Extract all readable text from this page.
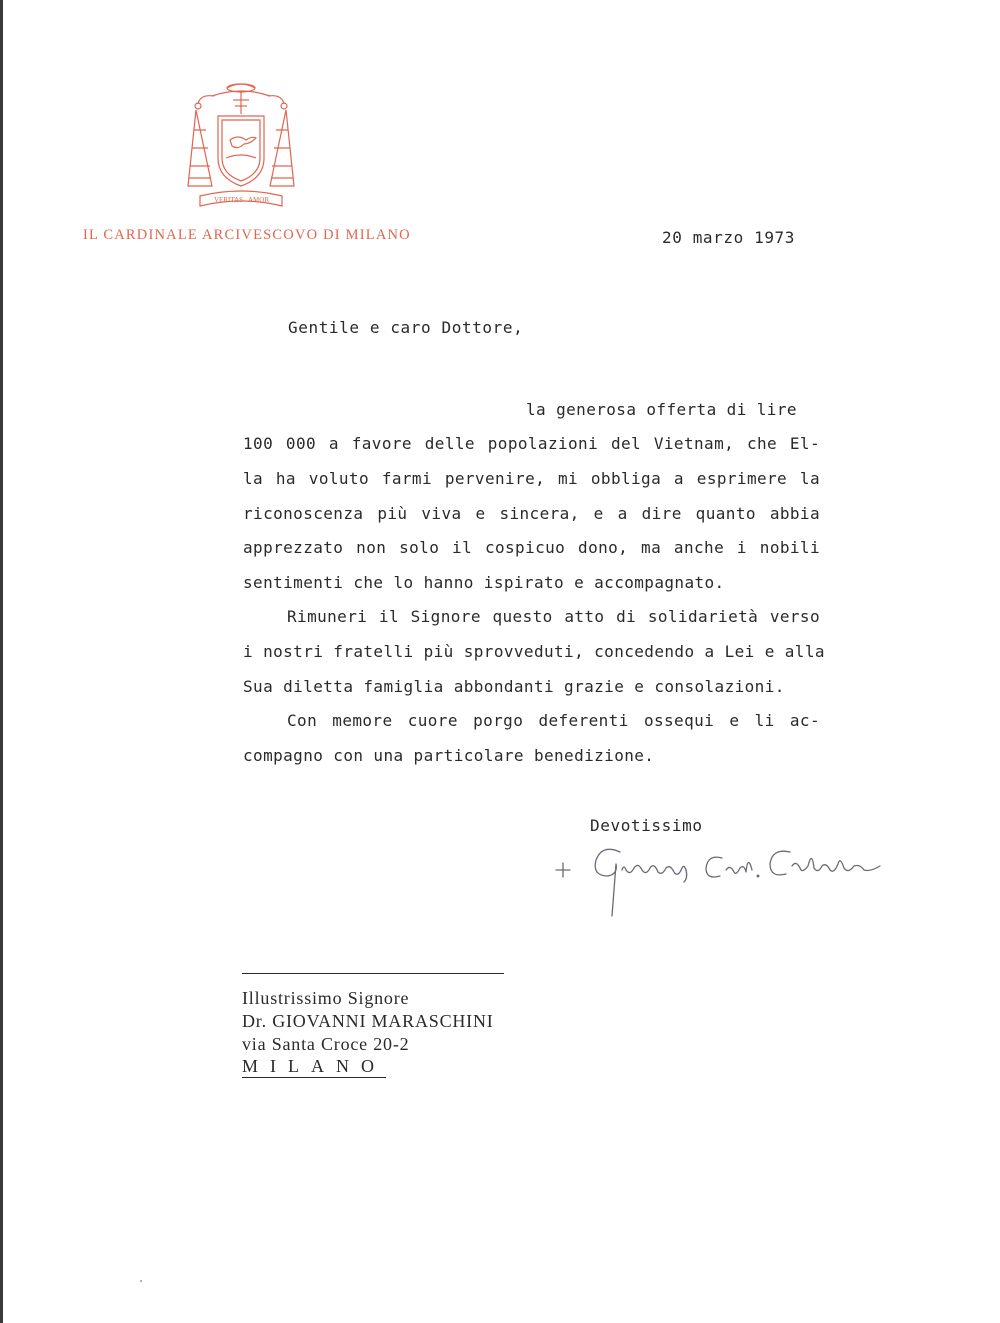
VERITAS AMOR
IL CARDINALE ARCIVESCOVO DI MILANO	20 marzo 1973
Gentile e caro Dottore,
la generosa offerta di lire
100 000 a favore delle popolazioni del Vietnam, che El-
la ha voluto farmi pervenire, mi obbliga a esprimere la
riconoscenza più viva e sincera, e a dire quanto abbia
apprezzato non solo il cospicuo dono, ma anche i nobili
sentimenti che lo hanno ispirato e accompagnato.
Rimuneri il Signore questo atto di solidarietà verso
i nostri fratelli più sprovveduti, concedendo a Lei e alla
Sua diletta famiglia abbondanti grazie e consolazioni.
Con memore cuore porgo deferenti ossequi e li ac-
compagno con una particolare benedizione.
Devotissimo
Illustrissimo Signore
Dr. GIOVANNI MARASCHINI
via Santa Croce 20-2
MILANO
